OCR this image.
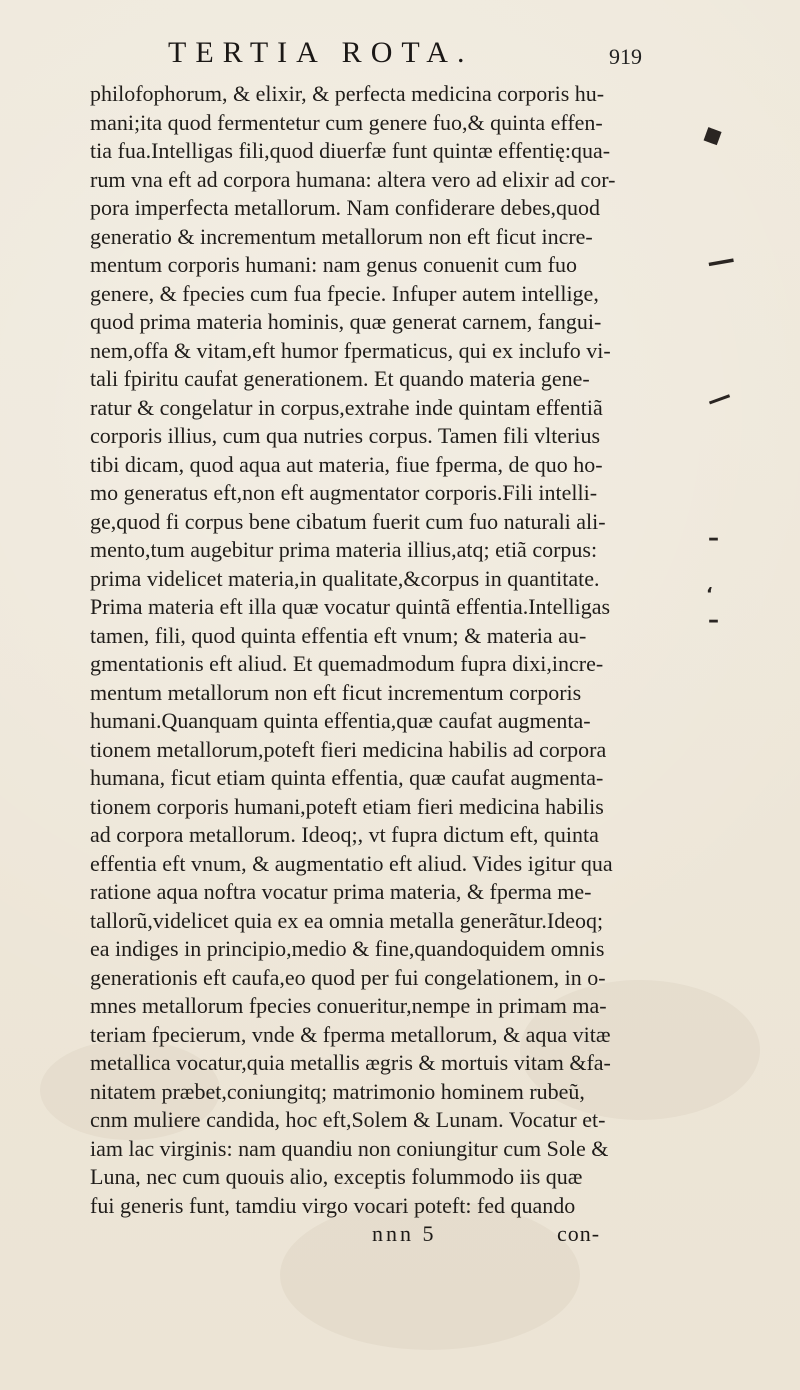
TERTIA ROTA.	919
philofophorum, & elixir, & perfecta medicina corporis hu-
mani;ita quod fermentetur cum genere fuo,& quinta effen-
tia fua.Intelligas fili,quod diuerfæ funt quintæ effentię:qua-
rum vna eft ad corpora humana: altera vero ad elixir ad cor-
pora imperfecta metallorum. Nam confiderare debes,quod
generatio & incrementum metallorum non eft ficut incre-
mentum corporis humani: nam genus conuenit cum fuo
genere, & fpecies cum fua fpecie. Infuper autem intellige,
quod prima materia hominis, quæ generat carnem, fangui-
nem,offa & vitam,eft humor fpermaticus, qui ex inclufo vi-
tali fpiritu caufat generationem. Et quando materia gene-
ratur & congelatur in corpus,extrahe inde quintam effentiã
corporis illius, cum qua nutries corpus. Tamen fili vlterius
tibi dicam, quod aqua aut materia, fiue fperma, de quo ho-
mo generatus eft,non eft augmentator corporis.Fili intelli-
ge,quod fi corpus bene cibatum fuerit cum fuo naturali ali-
mento,tum augebitur prima materia illius,atq; etiã corpus:
prima videlicet materia,in qualitate,&corpus in quantitate.
Prima materia eft illa quæ vocatur quintã effentia.Intelligas
tamen, fili, quod quinta effentia eft vnum; & materia au-
gmentationis eft aliud. Et quemadmodum fupra dixi,incre-
mentum metallorum non eft ficut incrementum corporis
humani.Quanquam quinta effentia,quæ caufat augmenta-
tionem metallorum,poteft fieri medicina habilis ad corpora
humana, ficut etiam quinta effentia, quæ caufat augmenta-
tionem corporis humani,poteft etiam fieri medicina habilis
ad corpora metallorum. Ideoq;, vt fupra dictum eft, quinta
effentia eft vnum, & augmentatio eft aliud. Vides igitur qua
ratione aqua noftra vocatur prima materia, & fperma me-
tallorũ,videlicet quia ex ea omnia metalla generãtur.Ideoq;
ea indiges in principio,medio & fine,quandoquidem omnis
generationis eft caufa,eo quod per fui congelationem, in o-
mnes metallorum fpecies conueritur,nempe in primam ma-
teriam fpecierum, vnde & fperma metallorum, & aqua vitæ
metallica vocatur,quia metallis ægris & mortuis vitam &fa-
nitatem præbet,coniungitq; matrimonio hominem rubeũ,
cnm muliere candida, hoc eft,Solem & Lunam. Vocatur et-
iam lac virginis: nam quandiu non coniungitur cum Sole &
Luna, nec cum quouis alio, exceptis folummodo iis quæ
fui generis funt, tamdiu virgo vocari poteft: fed quando
nnn 5	con-
◆
—
—
–
‘
–
